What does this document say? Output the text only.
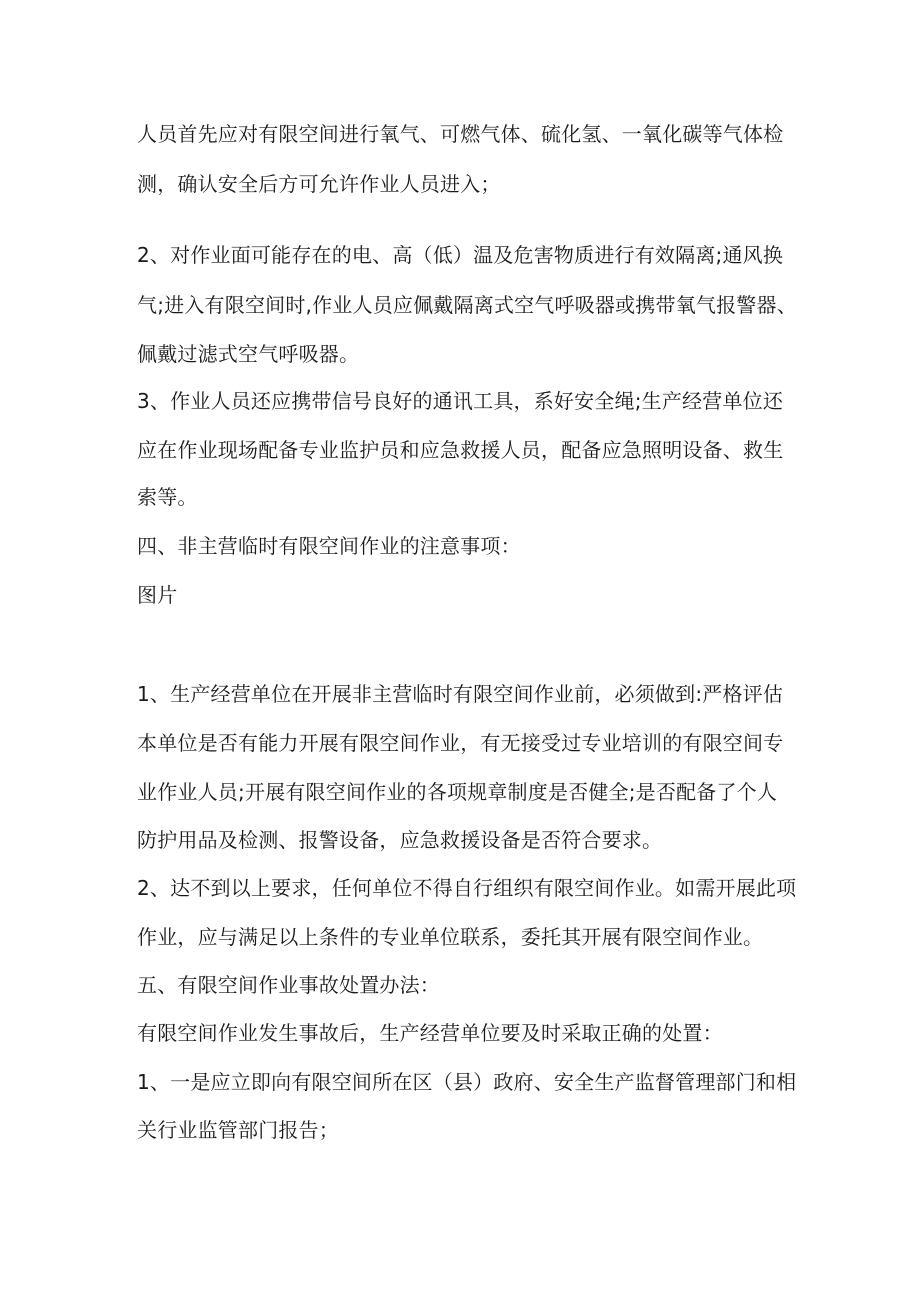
人员首先应对有限空间进行氧气、可燃气体、硫化氢、一氧化碳等气体检
测，确认安全后方可允许作业人员进入；
2、对作业面可能存在的电、高（低）温及危害物质进行有效隔离;通风换
气;进入有限空间时,作业人员应佩戴隔离式空气呼吸器或携带氧气报警器、
佩戴过滤式空气呼吸器。
3、作业人员还应携带信号良好的通讯工具，系好安全绳;生产经营单位还
应在作业现场配备专业监护员和应急救援人员，配备应急照明设备、救生
索等。
四、非主营临时有限空间作业的注意事项：
图片
1、生产经营单位在开展非主营临时有限空间作业前，必须做到:严格评估
本单位是否有能力开展有限空间作业，有无接受过专业培训的有限空间专
业作业人员;开展有限空间作业的各项规章制度是否健全;是否配备了个人
防护用品及检测、报警设备，应急救援设备是否符合要求。
2、达不到以上要求，任何单位不得自行组织有限空间作业。如需开展此项
作业，应与满足以上条件的专业单位联系，委托其开展有限空间作业。
五、有限空间作业事故处置办法：
有限空间作业发生事故后，生产经营单位要及时采取正确的处置：
1、一是应立即向有限空间所在区（县）政府、安全生产监督管理部门和相
关行业监管部门报告；
